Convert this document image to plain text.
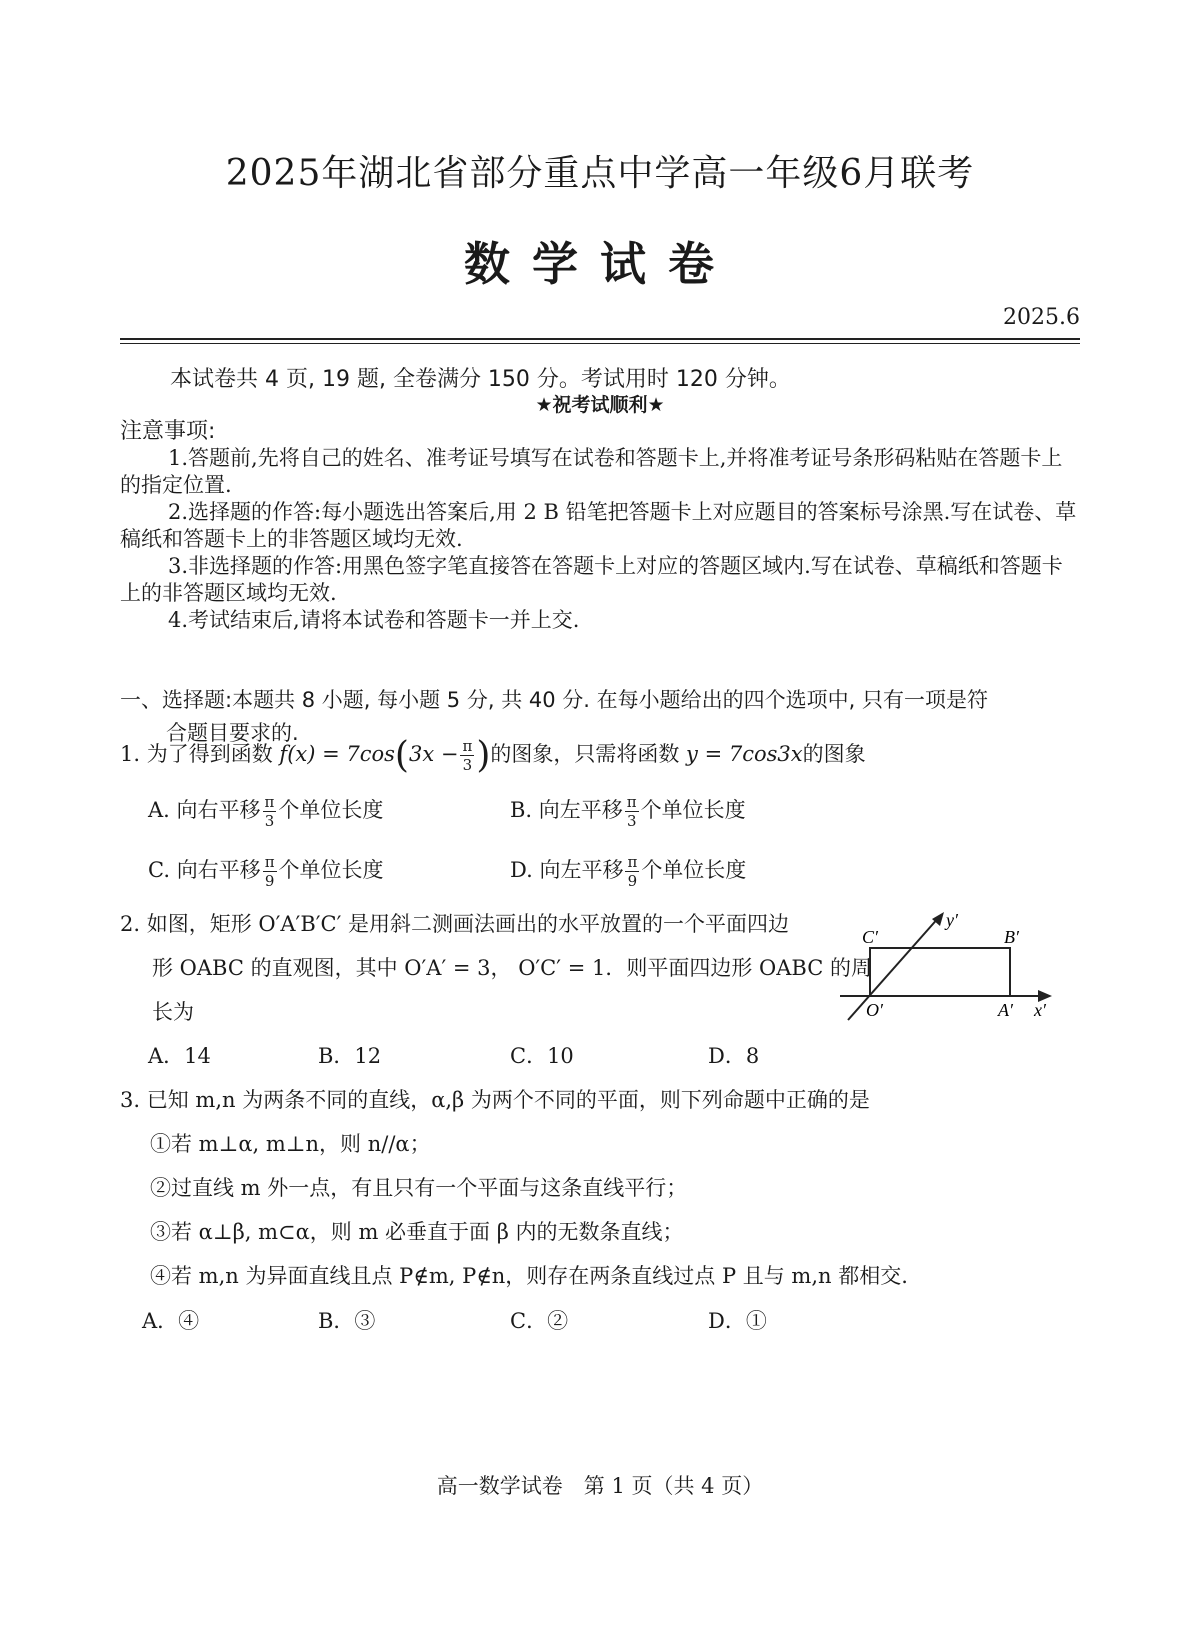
2025年湖北省部分重点中学高一年级6月联考
数学试卷
2025.6
本试卷共 4 页, 19 题, 全卷满分 150 分。考试用时 120 分钟。
★祝考试顺利★
注意事项:

1.答题前,先将自己的姓名、准考证号填写在试卷和答题卡上,并将准考证号条形码粘贴在答题卡上的指定位置.

2.选择题的作答:每小题选出答案后,用 2 B 铅笔把答题卡上对应题目的答案标号涂黑.写在试卷、草稿纸和答题卡上的非答题区域均无效.

3.非选择题的作答:用黑色签字笔直接答在答题卡上对应的答题区域内.写在试卷、草稿纸和答题卡上的非答题区域均无效.

4.考试结束后,请将本试卷和答题卡一并上交.

一、选择题:本题共 8 小题, 每小题 5 分, 共 40 分. 在每小题给出的四个选项中, 只有一项是符
合题目要求的.
1. 为了得到函数 $f(x) = 7\cos(3x - \frac{\pi}{3}$ )的图象，只需将函数 y = 7cos3x的图象
A. 向右平移 $\frac{\pi}{3}$ 个单位长度	B. 向左平移 $\frac{\pi}{3}$ 个单位长度
C. 向右平移 $\frac{\pi}{9}$ 个单位长度	D. 向左平移 $\frac{\pi}{9}$ 个单位长度
2. 如图，矩形 O′A′B′C′ 是用斜二测画法画出的水平放置的一个平面四边
形 OABC 的直观图，其中 O′A′ = 3， O′C′ = 1．则平面四边形 OABC 的周
长为
C′	B′
O′	A′ x′
y′
A．14	B．12	C．10	D．8
3. 已知 m,n 为两条不同的直线，α,β 为两个不同的平面，则下列命题中正确的是
①若 m⊥α, m⊥n，则 n//α；
②过直线 m 外一点，有且只有一个平面与这条直线平行；
③若 α⊥β, m⊂α，则 m 必垂直于面 β 内的无数条直线；
④若 m,n 为异面直线且点 P∉m, P∉n，则存在两条直线过点 P 且与 m,n 都相交.
A．④	B．③	C．②	D．①
高一数学试卷　第 1 页（共 4 页）
